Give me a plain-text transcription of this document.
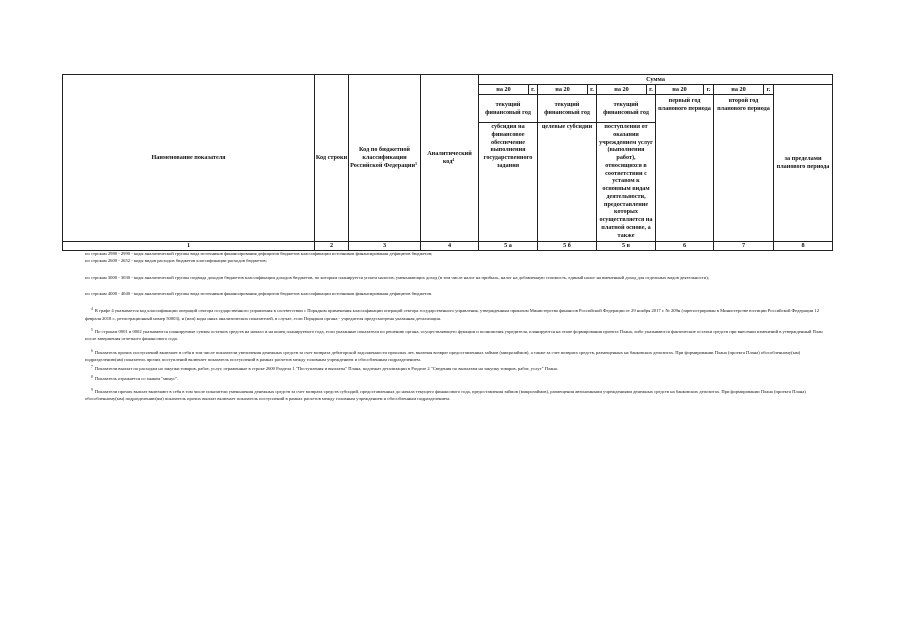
Наименование показателя	Код строки	Код по бюджетной классификации Российской Федерации$^3$	Аналитический код$^4$	Сумма										
				на 20	г.	на 20	г.	на 20	г.	на 20	г.	на 20	г.	за пределами планового периода
				текущий финансовый год		текущий финансовый год		текущий финансовый год		первый год планового периода		второй год планового периода		

				субсидия на финансовое обеспечение выполнения государственного задания		целевые субсидии		поступления от оказания учреждением услуг (выполнения работ), относящихся в соответствии с уставом к основным видам деятельности, предоставление которых осуществляется на платной основе, а также						

1	2	3	4	5 а		5 б		5 в		6		7		8

по строкам 2980 - 2990 - коды аналитической группы вида источников финансирования дефицитов бюджетов классификации источников финансирования дефицитов бюджетов;

по строкам 2600 - 2652 - коды видов расходов бюджетов классификации расходов бюджетов;

по строкам 3000 - 3030 - коды аналитической группы подвида доходов бюджетов классификации доходов бюджетов, по которым планируется уплата налогов, уменьшающих доход (в том числе налог на прибыль, налог на добавленную стоимость, единый налог на вмененный доход для отдельных видов деятельности);

по строкам 4000 - 4040 - коды аналитической группы вида источников финансирования дефицитов бюджетов классификации источников финансирования дефицитов бюджетов.

$^4$ В графе 4 указывается код классификации операций сектора государственного управления в соответствии с Порядком применения классификации операций сектора государственного управления, утвержденным приказом Министерства финансов Российской Федерации от 29 ноября 2017 г. № 209н (зарегистрирован в Министерстве юстиции Российской Федерации 12 февраля 2018 г., регистрационный номер 50003), и (или) коды иных аналитических показателей, в случае, если Порядком органа - учредителя предусмотрена указанная детализация.

$^5$ По строкам 0001 и 0002 указываются планируемые суммы остатков средств на начало и на конец планируемого года, если указанные показатели по решению органа, осуществляющего функции и полномочия учредителя, планируются на этапе формирования проекта Плана, либо указываются фактические остатки средств при внесении изменений в утвержденный План после завершения отчетного финансового года.

$^6$ Показатель прочих поступлений включает в себя в том числе показатели увеличения денежных средств за счет возврата дебиторской задолженности прошлых лет, включая возврат предоставленных займов (микрозаймов), а также за счет возврата средств, размещенных на банковских депозитах. При формировании Плана (проекта Плана) обособленному(ым) подразделению(ям) показатель прочих поступлений включает показатель поступлений в рамках расчетов между головным учреждением и обособленным подразделением.

$^7$ Показатели выплат по расходам на закупки товаров, работ, услуг, отраженные в строке 2600 Раздела 1 "Поступления и выплаты" Плана, подлежат детализации в Разделе 2 "Сведения по выплатам на закупку товаров, работ, услуг" Плана.

$^8$ Показатель отражается со знаком "минус".

$^9$ Показатели прочих выплат включают в себя в том числе показатели уменьшения денежных средств за счет возврата средств субсидий, предоставленных до начала текущего финансового года, предоставления займов (микрозаймов), размещения автономными учреждениями денежных средств на банковских депозитах. При формировании Плана (проекта Плана) обособленному(ым) подразделению(ям) показатель прочих выплат включает показатель поступлений в рамках расчетов между головным учреждением и обособленным подразделением.
